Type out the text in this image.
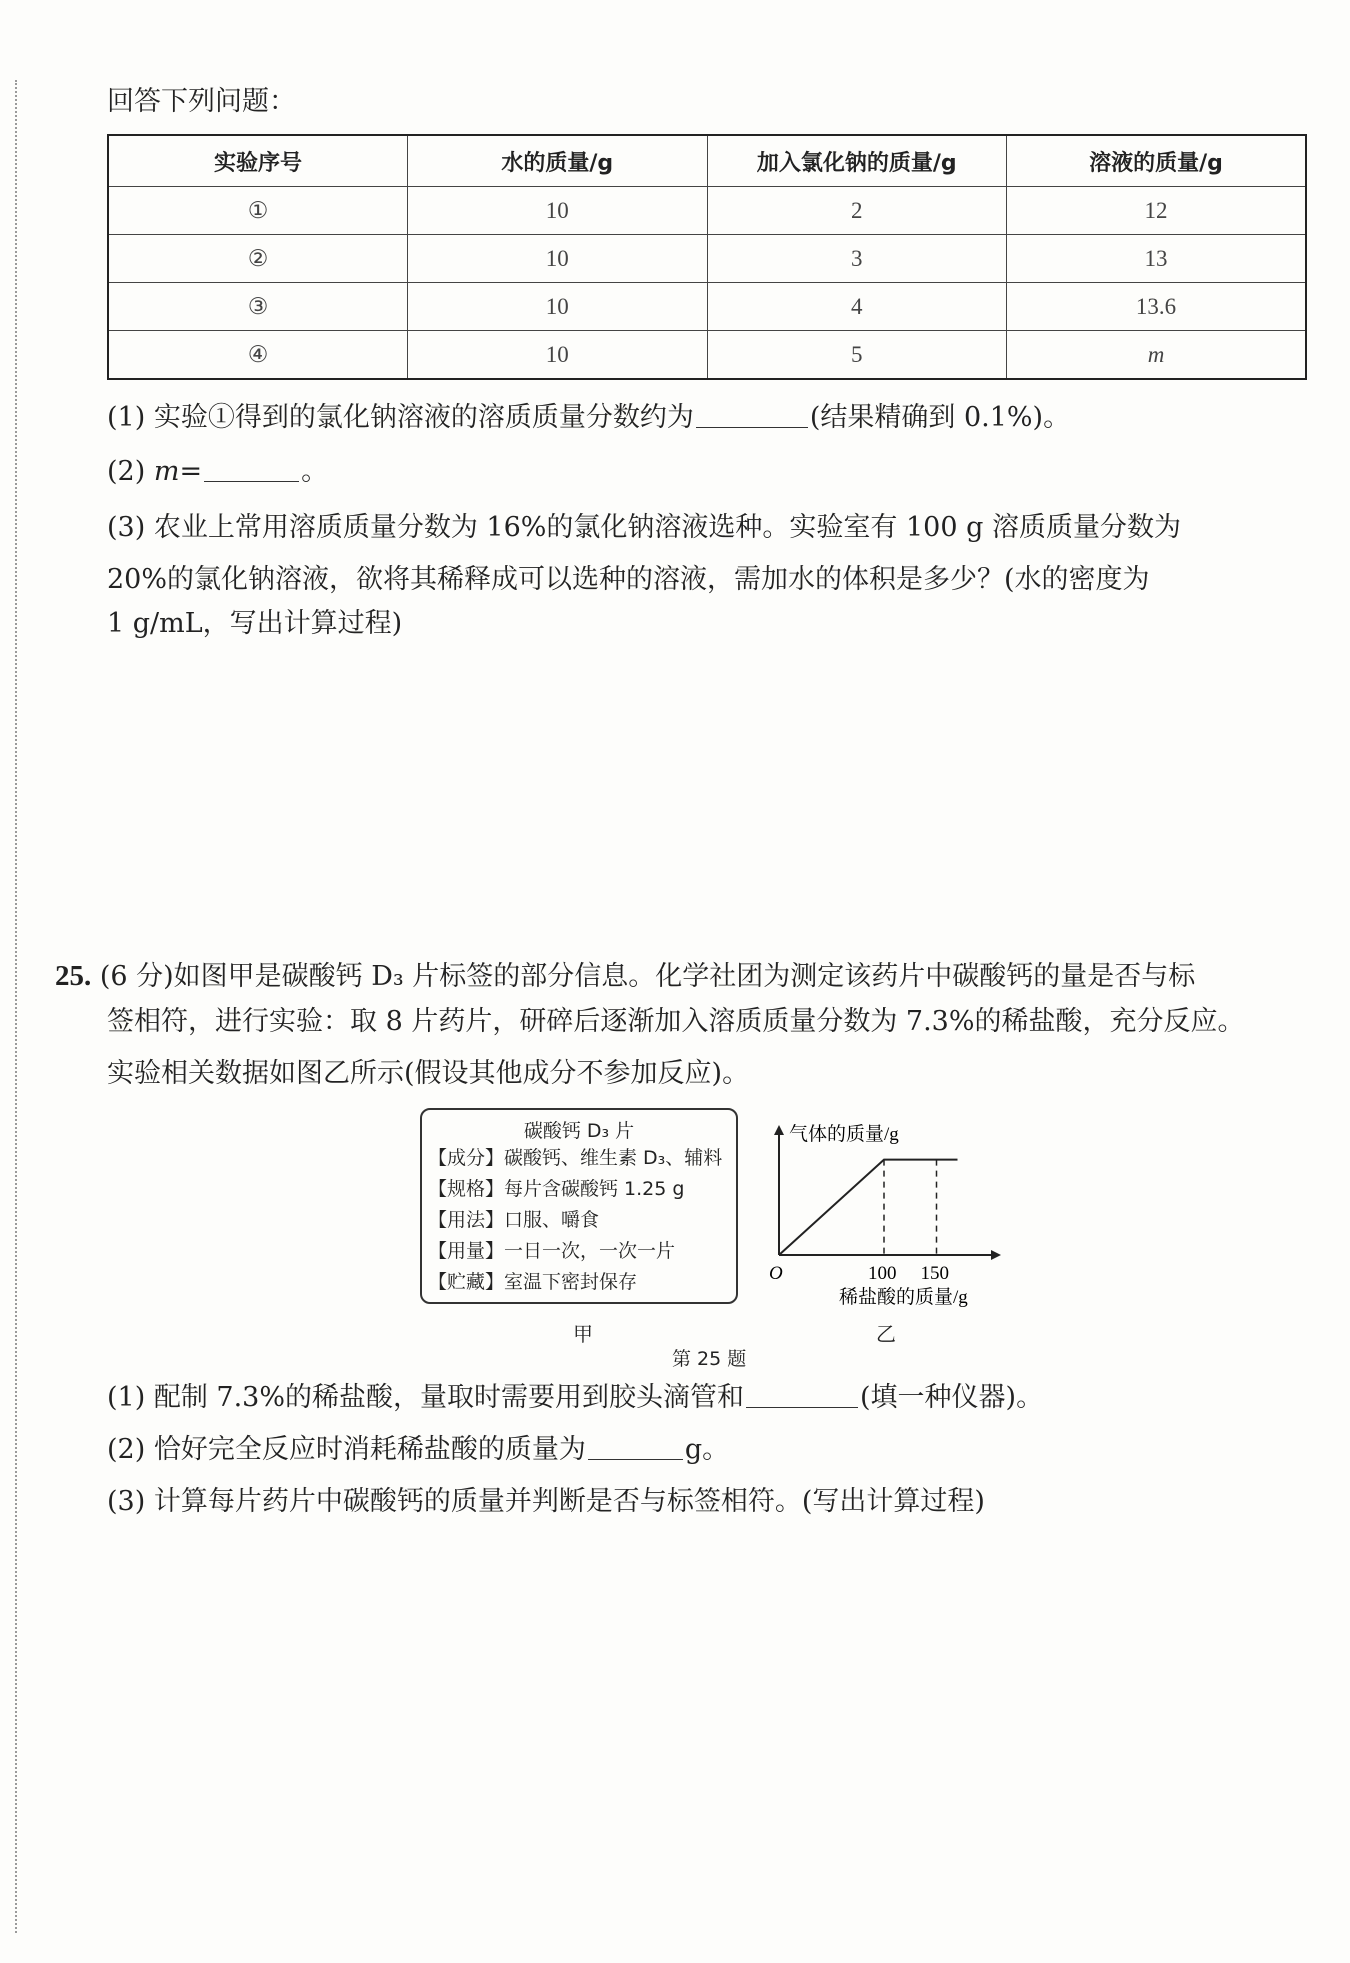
回答下列问题：
实验序号	水的质量/g	加入氯化钠的质量/g	溶液的质量/g
①	10	2	12
②	10	3	13
③	10	4	13.6
④	10	5	m
(1) 实验①得到的氯化钠溶液的溶质质量分数约为	(结果精确到 0.1%)。
(2) m=	。
(3) 农业上常用溶质质量分数为 16%的氯化钠溶液选种。实验室有 100 g 溶质质量分数为
20%的氯化钠溶液，欲将其稀释成可以选种的溶液，需加水的体积是多少？(水的密度为
1 g/mL，写出计算过程)
25. (6 分)如图甲是碳酸钙 D₃ 片标签的部分信息。化学社团为测定该药片中碳酸钙的量是否与标
签相符，进行实验：取 8 片药片，研碎后逐渐加入溶质质量分数为 7.3%的稀盐酸，充分反应。
实验相关数据如图乙所示(假设其他成分不参加反应)。
碳酸钙 D₃ 片
【成分】碳酸钙、维生素 D₃、辅料
【规格】每片含碳酸钙 1.25 g
【用法】口服、嚼食
【用量】一日一次，一次一片
【贮藏】室温下密封保存
甲
气体的质量/g
稀盐酸的质量/g
O	100 150
乙
第 25 题
(1) 配制 7.3%的稀盐酸，量取时需要用到胶头滴管和	(填一种仪器)。
(2) 恰好完全反应时消耗稀盐酸的质量为	g。
(3) 计算每片药片中碳酸钙的质量并判断是否与标签相符。(写出计算过程)
